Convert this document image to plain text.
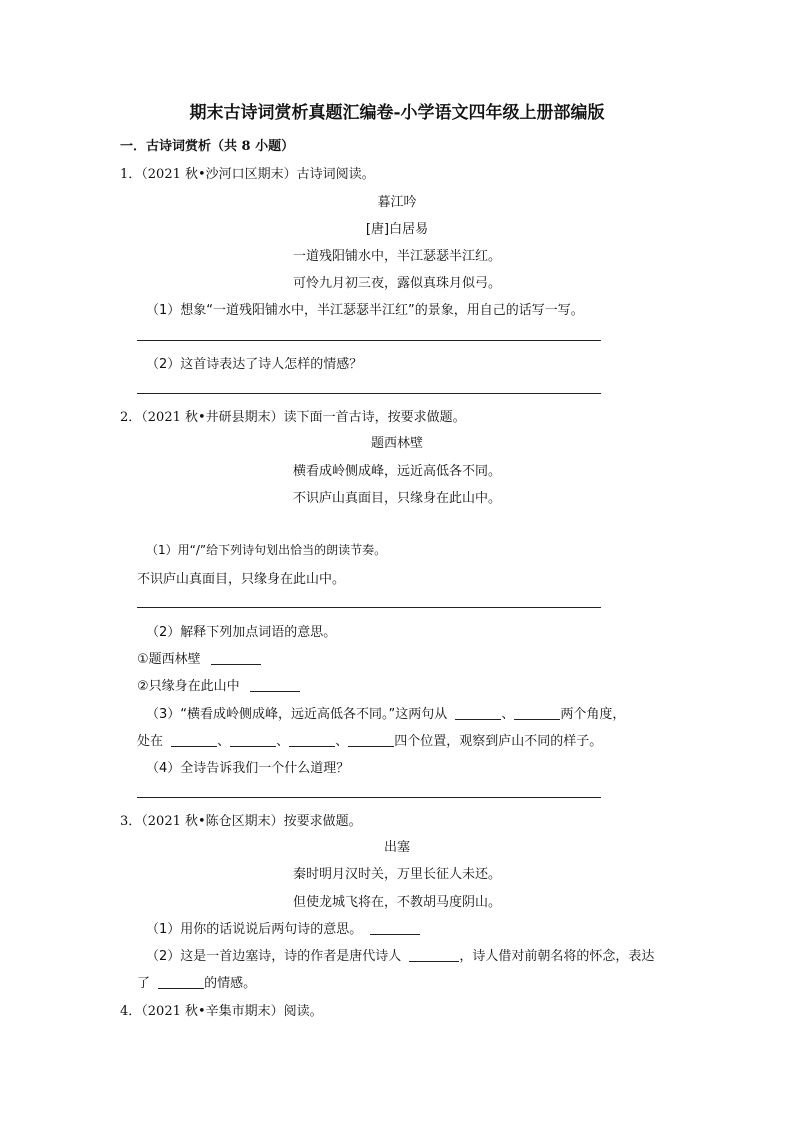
期末古诗词赏析真题汇编卷-小学语文四年级上册部编版
一．古诗词赏析（共 8 小题）
1．（2021 秋•沙河口区期末）古诗词阅读。
暮江吟
[唐]白居易
一道残阳铺水中，半江瑟瑟半江红。
可怜九月初三夜，露似真珠月似弓。
（1）想象“一道残阳铺水中，半江瑟瑟半江红”的景象，用自己的话写一写。
（2）这首诗表达了诗人怎样的情感？
2．（2021 秋•井研县期末）读下面一首古诗，按要求做题。
题西林壁
横看成岭侧成峰，远近高低各不同。
不识庐山真面目，只缘身在此山中。
（1）用“/”给下列诗句划出恰当的朗读节奏。
不识庐山真面目，只缘身在此山中。
（2）解释下列加点词语的意思。
①题西林壁
②只缘身在此山中
（3）“横看成岭侧成峰，远近高低各不同。”这两句从	、	两个角度，
处在	、	、	、	四个位置，观察到庐山不同的样子。
（4）全诗告诉我们一个什么道理？
3．（2021 秋•陈仓区期末）按要求做题。
出塞
秦时明月汉时关，万里长征人未还。
但使龙城飞将在，不教胡马度阴山。
（1）用你的话说说后两句诗的意思。
（2）这是一首边塞诗，诗的作者是唐代诗人	，诗人借对前朝名将的怀念，表达
了	的情感。
4．（2021 秋•辛集市期末）阅读。
